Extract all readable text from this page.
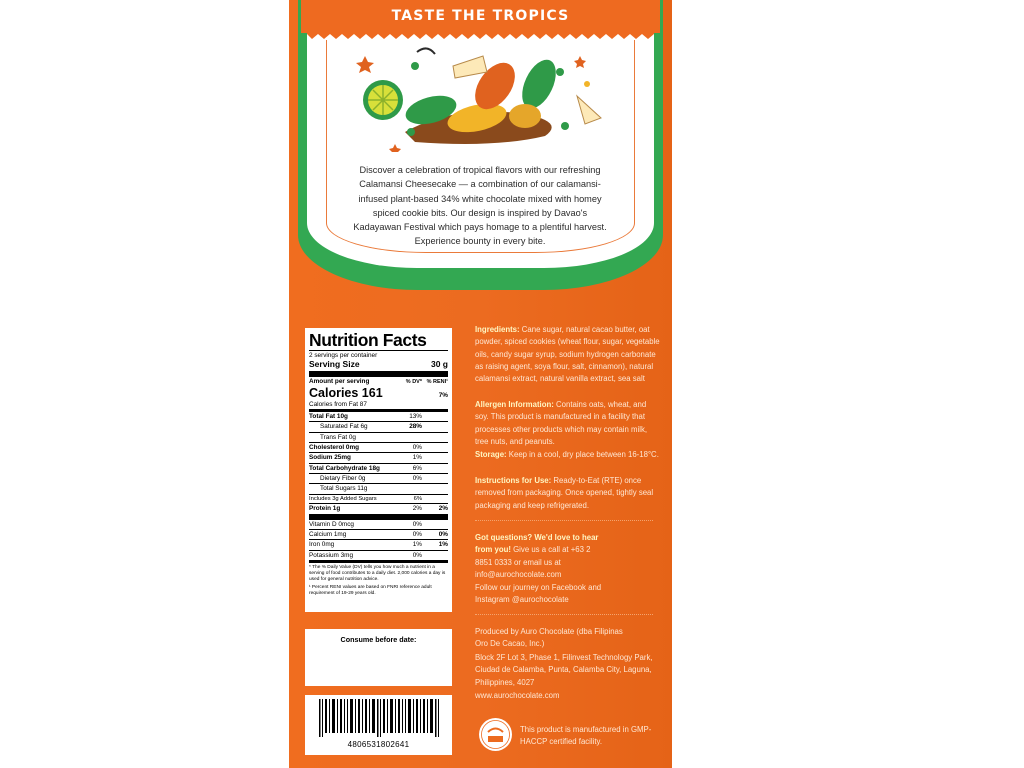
TASTE THE TROPICS
Discover a celebration of tropical flavors with our refreshing Calamansi Cheesecake — a combination of our calamansi-infused plant-based 34% white chocolate mixed with homey spiced cookie bits. Our design is inspired by Davao's Kadayawan Festival which pays homage to a plentiful harvest. Experience bounty in every bite.
Nutrition Facts
2 servings per container
Serving Size	30 g
Amount per serving	% DV* % RENI¹
Calories 161	7%
Calories from Fat 87
Total Fat 10g	13%
Saturated Fat 6g	28%
Trans Fat 0g
Cholesterol 0mg	0%
Sodium 25mg	1%
Total Carbohydrate 18g	6%
Dietary Fiber 0g	0%
Total Sugars 11g
Includes 3g Added Sugars	6%
Protein 1g	2%	2%
Vitamin D 0mcg	0%
Calcium 1mg	0%	0%
Iron 0mg	1%	1%
Potassium 3mg	0%
* The % Daily Value (DV) tells you how much a nutrient in a serving of food contributes to a daily diet. 2,000 calories a day is used for general nutrition advice.
¹ Percent RENI values are based on FNRI reference adult requirement of 19-29 years old.
Consume before date:
4806531802641
Ingredients: Cane sugar, natural cacao butter, oat powder, spiced cookies (wheat flour, sugar, vegetable oils, candy sugar syrup, sodium hydrogen carbonate as raising agent, soya flour, salt, cinnamon), natural calamansi extract, natural vanilla extract, sea salt
Allergen Information: Contains oats, wheat, and soy. This product is manufactured in a facility that processes other products which may contain milk, tree nuts, and peanuts.
Storage: Keep in a cool, dry place between 16-18°C.
Instructions for Use: Ready-to-Eat (RTE) once removed from packaging. Once opened, tightly seal packaging and keep refrigerated.
Got questions? We'd love to hear from you! Give us a call at +63 2 8851 0333 or email us at info@aurochocolate.com
Follow our journey on Facebook and Instagram @aurochocolate
Produced by Auro Chocolate (dba Filipinas Oro De Cacao, Inc.)
Block 2F Lot 3, Phase 1, Filinvest Technology Park, Ciudad de Calamba, Punta, Calamba City, Laguna, Philippines, 4027
www.aurochocolate.com
This product is manufactured in GMP-HACCP certified facility.
